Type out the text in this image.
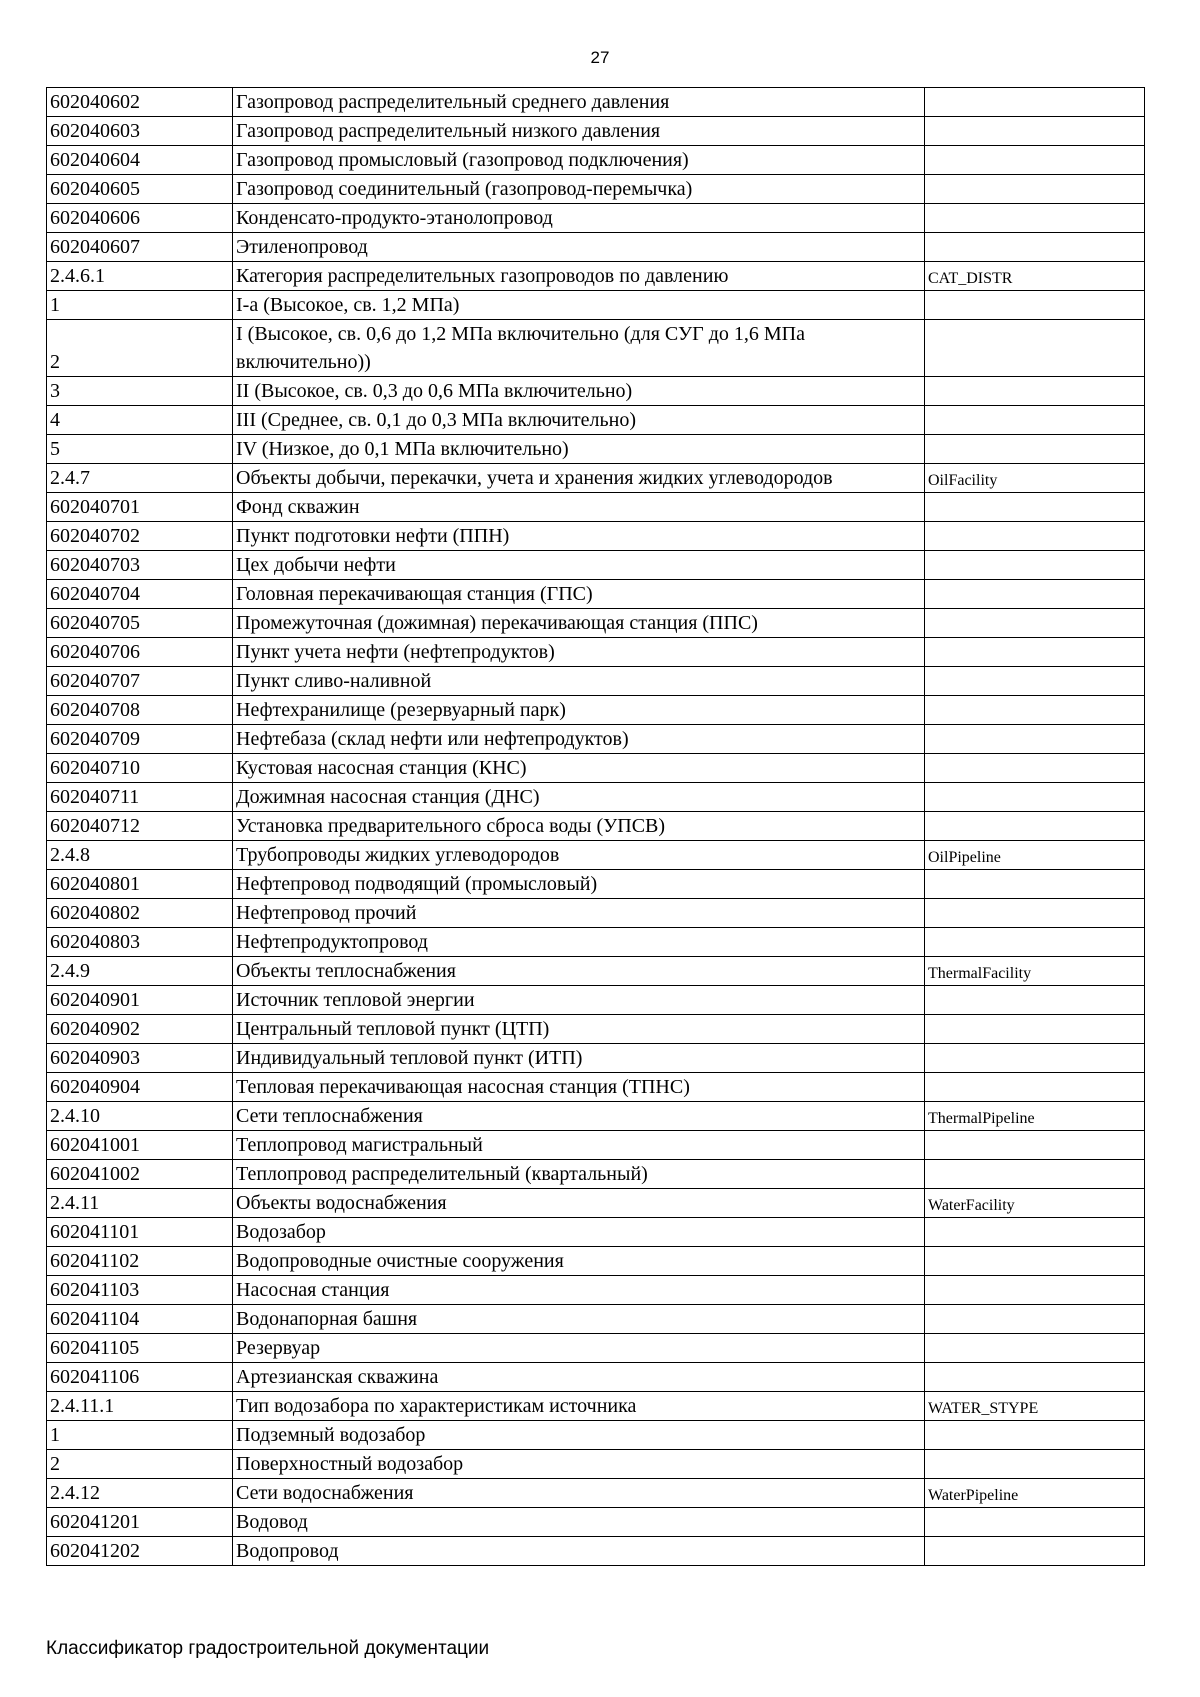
27
602040602	Газопровод распределительный среднего давления	
602040603	Газопровод распределительный низкого давления	
602040604	Газопровод промысловый (газопровод подключения)	
602040605	Газопровод соединительный (газопровод-перемычка)	
602040606	Конденсато-продукто-этанолопровод	
602040607	Этиленопровод	
2.4.6.1	Категория распределительных газопроводов по давлению	CAT_DISTR
1	I-а (Высокое, св. 1,2 МПа)	
2	I (Высокое, св. 0,6 до 1,2 МПа включительно (для СУГ до 1,6 МПа включительно))	
3	II (Высокое, св. 0,3 до 0,6 МПа включительно)	
4	III (Среднее, св. 0,1 до 0,3 МПа включительно)	
5	IV (Низкое, до 0,1 МПа включительно)	
2.4.7	Объекты добычи, перекачки, учета и хранения жидких углеводородов	OilFacility
602040701	Фонд скважин	
602040702	Пункт подготовки нефти (ППН)	
602040703	Цех добычи нефти	
602040704	Головная перекачивающая станция (ГПС)	
602040705	Промежуточная (дожимная) перекачивающая станция (ППС)	
602040706	Пункт учета нефти (нефтепродуктов)	
602040707	Пункт сливо-наливной	
602040708	Нефтехранилище (резервуарный парк)	
602040709	Нефтебаза (склад нефти или нефтепродуктов)	
602040710	Кустовая насосная станция (КНС)	
602040711	Дожимная насосная станция (ДНС)	
602040712	Установка предварительного сброса воды (УПСВ)	
2.4.8	Трубопроводы жидких углеводородов	OilPipeline
602040801	Нефтепровод подводящий (промысловый)	
602040802	Нефтепровод прочий	
602040803	Нефтепродуктопровод	
2.4.9	Объекты теплоснабжения	ThermalFacility
602040901	Источник тепловой энергии	
602040902	Центральный тепловой пункт (ЦТП)	
602040903	Индивидуальный тепловой пункт (ИТП)	
602040904	Тепловая перекачивающая насосная станция (ТПНС)	
2.4.10	Сети теплоснабжения	ThermalPipeline
602041001	Теплопровод магистральный	
602041002	Теплопровод распределительный (квартальный)	
2.4.11	Объекты водоснабжения	WaterFacility
602041101	Водозабор	
602041102	Водопроводные очистные сооружения	
602041103	Насосная станция	
602041104	Водонапорная башня	
602041105	Резервуар	
602041106	Артезианская скважина	
2.4.11.1	Тип водозабора по характеристикам источника	WATER_STYPE
1	Подземный водозабор	
2	Поверхностный водозабор	
2.4.12	Сети водоснабжения	WaterPipeline
602041201	Водовод	
602041202	Водопровод	
Классификатор градостроительной документации
